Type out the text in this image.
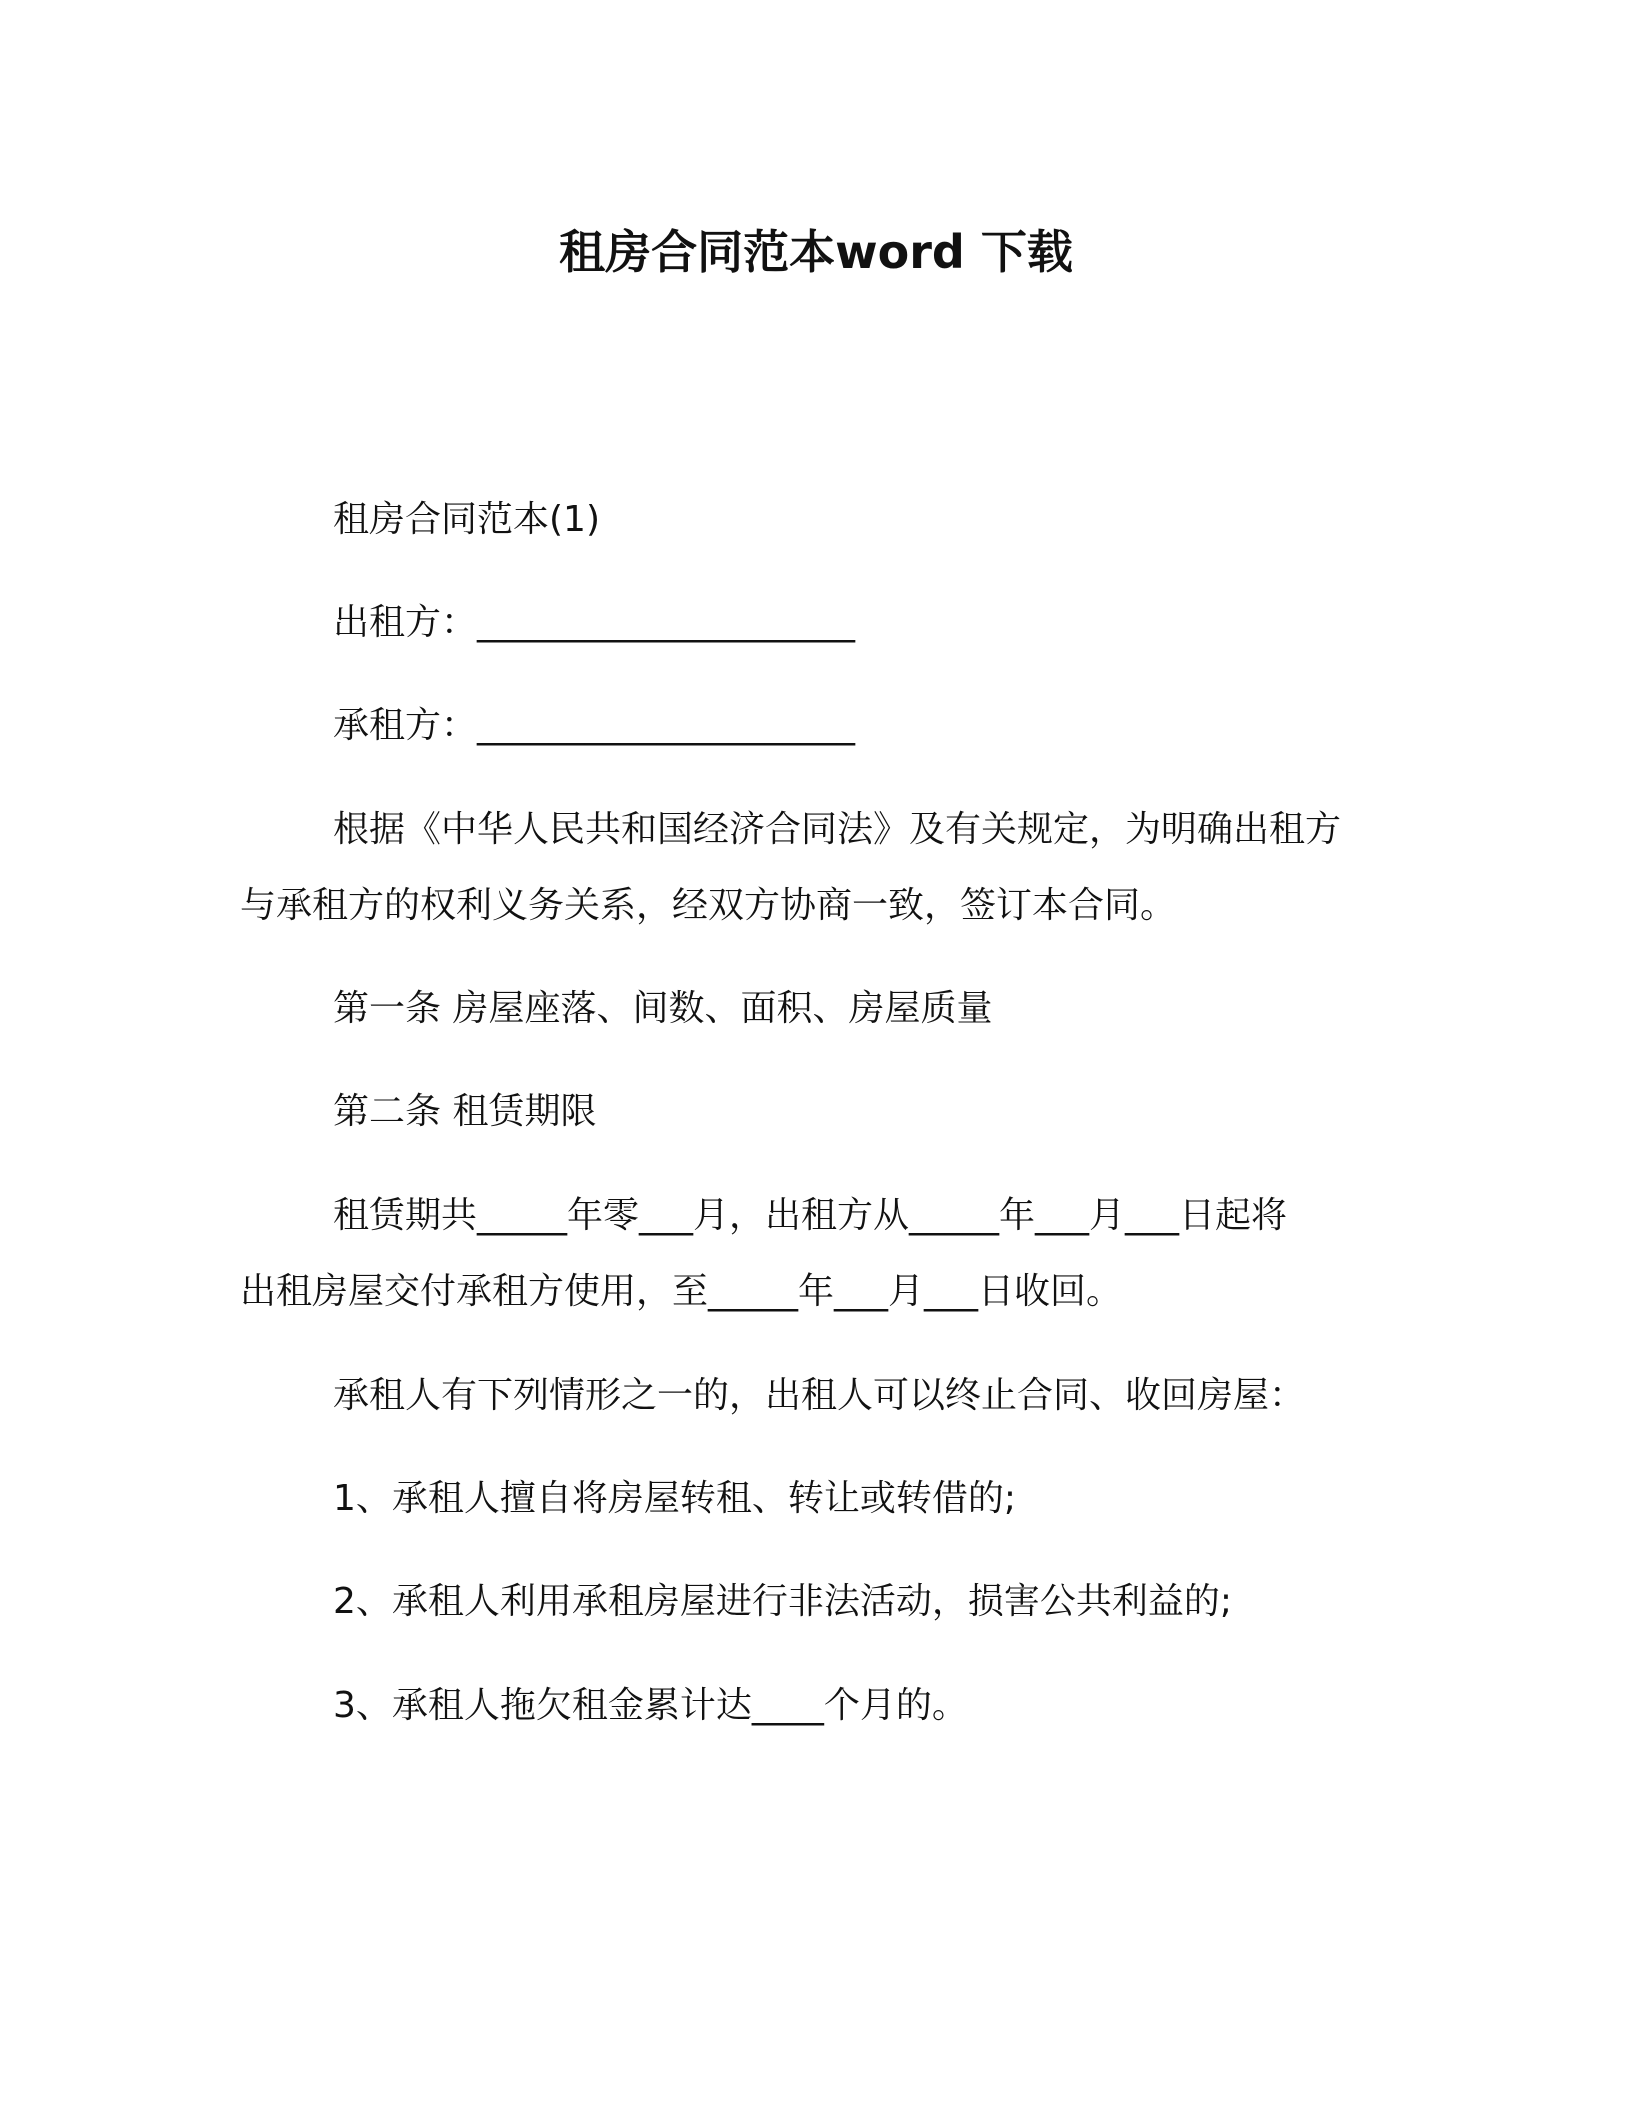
租房合同范本word 下载
租房合同范本(1)
出租方：_____________________
承租方：_____________________
根据《中华人民共和国经济合同法》及有关规定，为明确出租方
与承租方的权利义务关系，经双方协商一致，签订本合同。
第一条 房屋座落、间数、面积、房屋质量
第二条 租赁期限
租赁期共_____年零___月，出租方从_____年___月___日起将
出租房屋交付承租方使用，至_____年___月___日收回。
承租人有下列情形之一的，出租人可以终止合同、收回房屋：
1、承租人擅自将房屋转租、转让或转借的;
2、承租人利用承租房屋进行非法活动，损害公共利益的;
3、承租人拖欠租金累计达____个月的。
